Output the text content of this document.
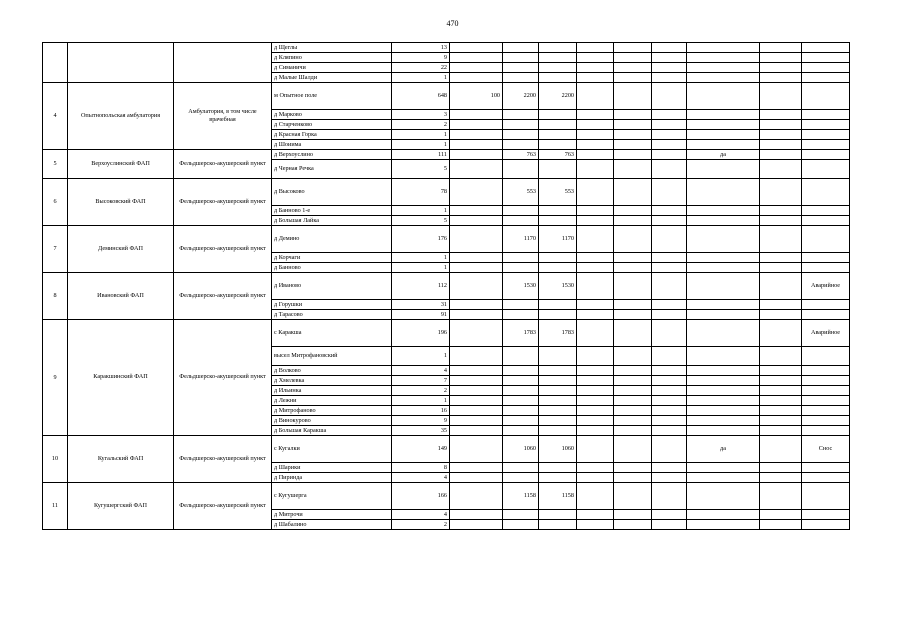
470
			д Щеглы	13									
			д Кляпино	9									
			д Симаничи	22									
			д Малые Шалди	1									
4	Опытнопольская амбулатория	Амбулатория, в том числе врачебная	м Опытное поле	648	100	2200	2200						
			д Марково	3									
			д Старченково	2									
			д Красная Горка	1									
			д Шоиима	1									
5	Верхоуслинский ФАП	Фельдшерско-акушерский пункт	д Верхоуслино	111		763	763				да		
			д Черная Речка	5									
6	Высоковский ФАП	Фельдшерско-акушерский пункт	д Высоково	78		553	553						
			д Банново 1-е	1									
			д Большая Лайка	5									
7	Деминский ФАП	Фельдшерско-акушерский пункт	д Демино	176		1170	1170						
			д Корчаги	1									
			д Банново	1									
8	Ивановский ФАП	Фельдшерско-акушерский пункт	д Иваново	112		1530	1530						Аварийное
			д Горушки	31									
			д Тарасово	91									
9	Каракшинский ФАП	Фельдшерско-акушерский пункт	с Каракша	196		1783	1783						Аварийное
			высел Митрофановский	1									
			д Волково	4									
			д Хмелевка	7									
			д Ильинка	2									
			д Лежни	1									
			д Митрофаново	16									
			д Винокурово	9									
			д Большая Каракша	35									
10	Кугальский ФАП	Фельдшерско-акушерский пункт	с Кугалки	149		1060	1060				да		Снос
			д Шарики	8									
			д Пиринда	4									
11	Кугушергский ФАП	Фельдшерско-акушерский пункт	с Кугушерга	166		1158	1158						
			д Митрочи	4									
			д Шабалино	2									
